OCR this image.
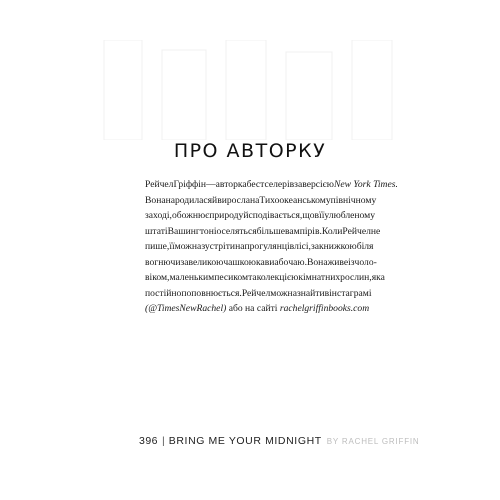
ПРО АВТОРКУ
Рейчел Гріффін — авторка бестселерів за версією New York Times.
Вона народилася й виросла на Тихоокеанському північному
заході, обожнює природу й сподівається, що в її улюбленому
штаті Вашингтоні оселяться більше вампірів. Коли Рейчел не
пише, її можна зустріти на прогулянці в лісі, за книжкою біля
вогню чи за великою чашкою кави або чаю. Вона живе із чоло-
віком, маленьким песиком та колекцією кімнатних рослин, яка
постійно поповнюється. Рейчел можна знайти в інстаграмі
(@TimesNewRachel) або на сайті rachelgriffinbooks.com
396 | BRING ME YOUR MIDNIGHT BY RACHEL GRIFFIN
